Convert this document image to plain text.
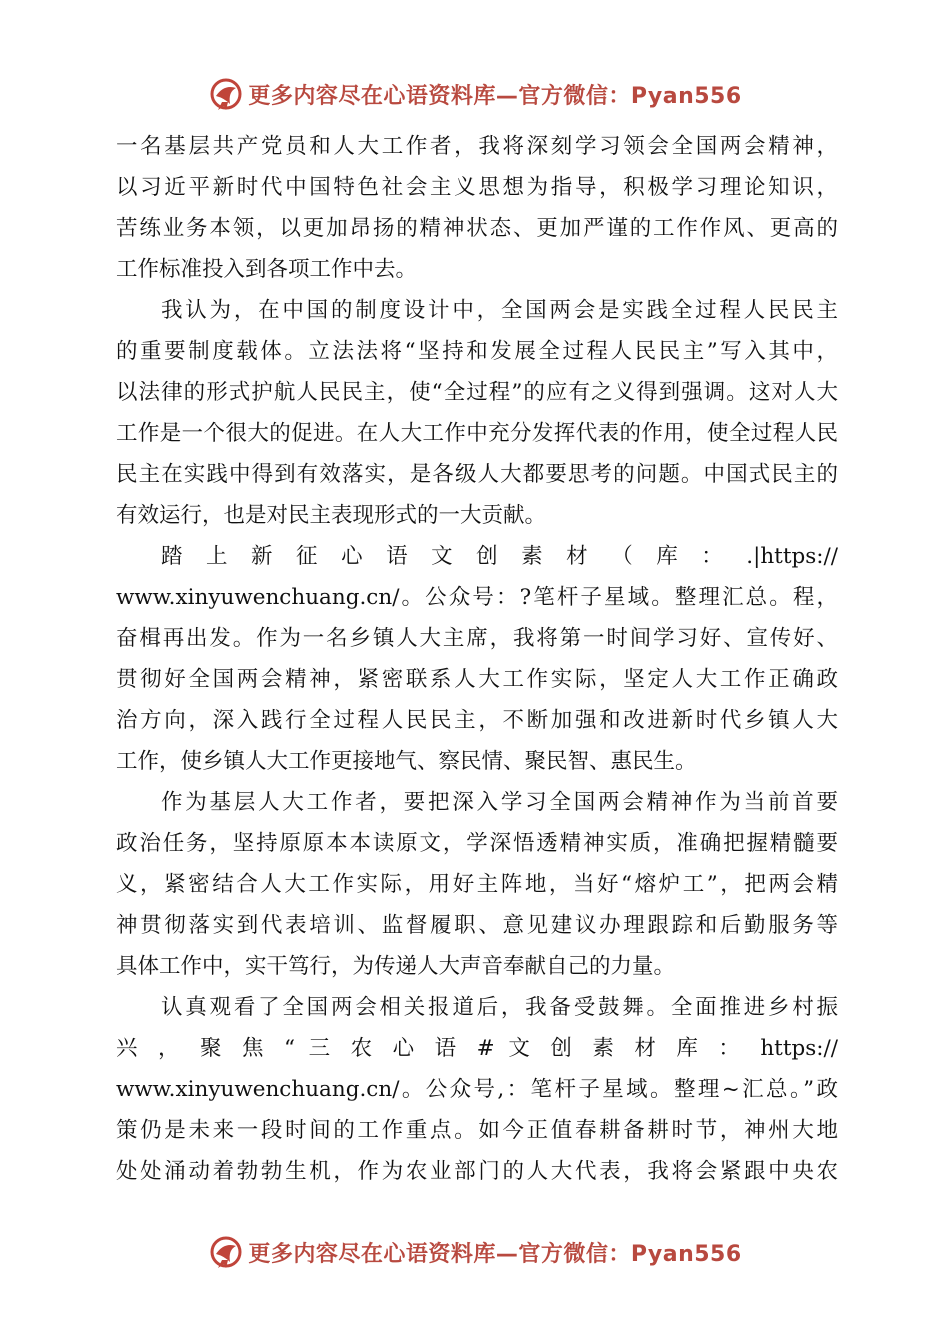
更多内容尽在心语资料库—官方微信：Pyan556
一名基层共产党员和人大工作者，我将深刻学习领会全国两会精神，
以习近平新时代中国特色社会主义思想为指导，积极学习理论知识，
苦练业务本领，以更加昂扬的精神状态、更加严谨的工作作风、更高的
工作标准投入到各项工作中去。
我认为，在中国的制度设计中，全国两会是实践全过程人民民主
的重要制度载体。立法法将“坚持和发展全过程人民民主”写入其中，
以法律的形式护航人民民主，使“全过程”的应有之义得到强调。这对人大
工作是一个很大的促进。在人大工作中充分发挥代表的作用，使全过程人民
民主在实践中得到有效落实，是各级人大都要思考的问题。中国式民主的
有效运行，也是对民主表现形式的一大贡献。
踏 上 新 征 心 语 文 创 素 材 （ 库 ： .|https://
www.xinyuwenchuang.cn/。公众号：?笔杆子星域。整理汇总。程，
奋楫再出发。作为一名乡镇人大主席，我将第一时间学习好、宣传好、
贯彻好全国两会精神，紧密联系人大工作实际，坚定人大工作正确政
治方向，深入践行全过程人民民主，不断加强和改进新时代乡镇人大
工作，使乡镇人大工作更接地气、察民情、聚民智、惠民生。
作为基层人大工作者，要把深入学习全国两会精神作为当前首要
政治任务，坚持原原本本读原文，学深悟透精神实质，准确把握精髓要
义，紧密结合人大工作实际，用好主阵地，当好“熔炉工”，把两会精
神贯彻落实到代表培训、监督履职、意见建议办理跟踪和后勤服务等
具体工作中，实干笃行，为传递人大声音奉献自己的力量。
认真观看了全国两会相关报道后，我备受鼓舞。全面推进乡村振
兴 ， 聚 焦 “ 三 农 心 语 # 文 创 素 材 库 ： https://
www.xinyuwenchuang.cn/。公众号,：笔杆子星域。整理~汇总。”政
策仍是未来一段时间的工作重点。如今正值春耕备耕时节，神州大地
处处涌动着勃勃生机，作为农业部门的人大代表，我将会紧跟中央农
更多内容尽在心语资料库—官方微信：Pyan556
